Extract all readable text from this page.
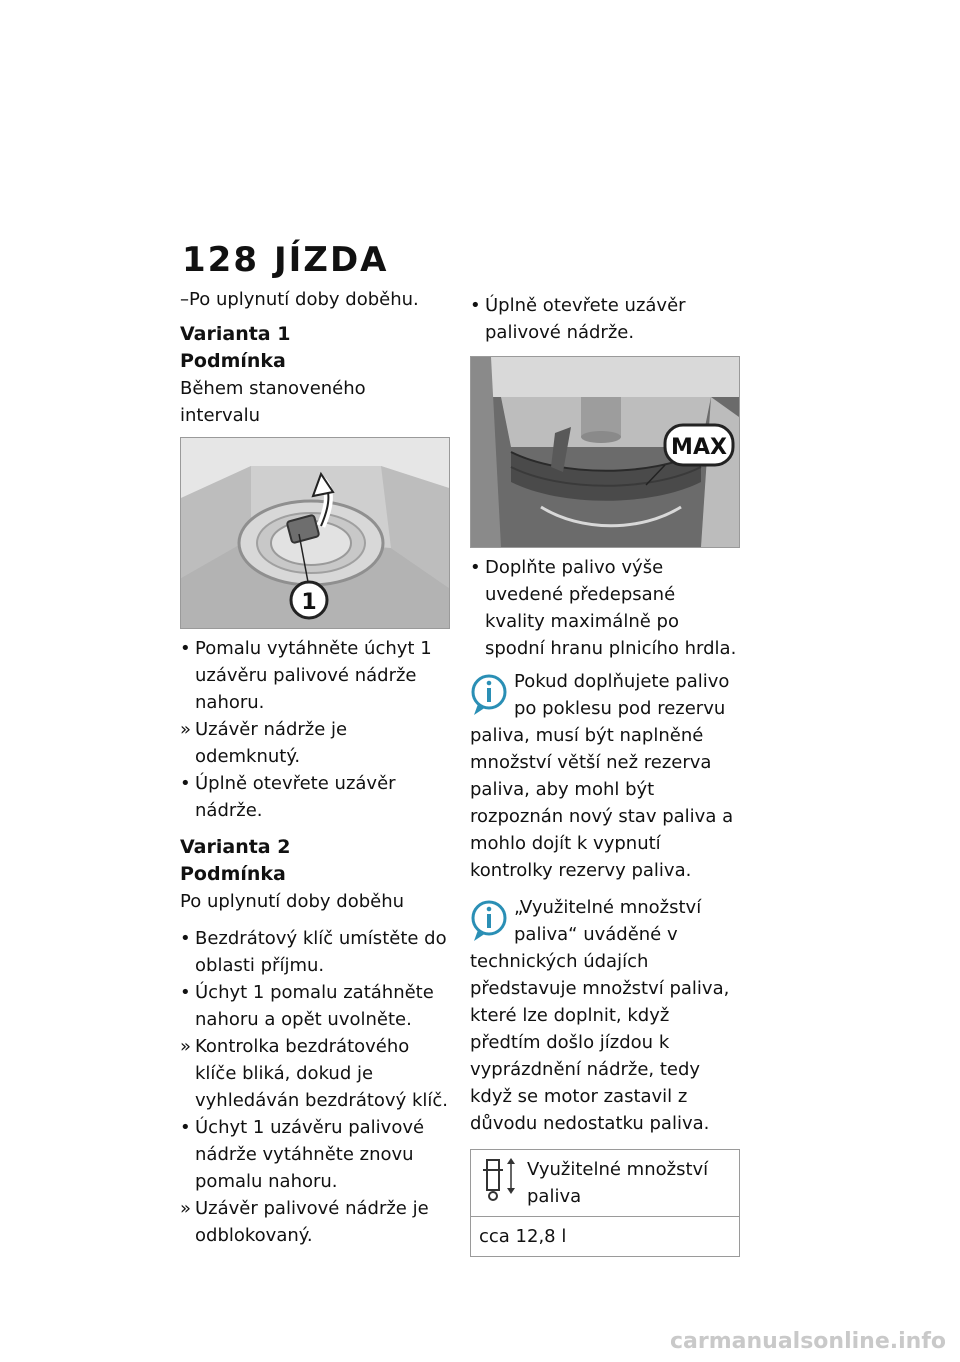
128 JÍZDA

–Po uplynutí doby doběhu.

Varianta 1

Podmínka

Během stanoveného intervalu

1
• Pomalu vytáhněte úchyt 1 uzávěru palivové nádrže nahoru.
» Uzávěr nádrže je odemknutý.
• Úplně otevřete uzávěr nádrže.

Varianta 2

Podmínka

Po uplynutí doby doběhu

• Bezdrátový klíč umístěte do oblasti příjmu.
• Úchyt 1 pomalu zatáhněte nahoru a opět uvolněte.
» Kontrolka bezdrátového klíče bliká, dokud je vyhledáván bezdrátový klíč.
• Úchyt 1 uzávěru palivové nádrže vytáhněte znovu pomalu nahoru.
» Uzávěr palivové nádrže je odblokovaný.
• Úplně otevřete uzávěr palivové nádrže.
MAX
• Doplňte palivo výše uvedené předepsané kvality maximálně po spodní hranu plnicího hrdla.
Pokud doplňujete palivo po poklesu pod rezervu paliva, musí být naplněné množství větší než rezerva paliva, aby mohl být rozpoznán nový stav paliva a mohlo dojít k vypnutí kontrolky rezervy paliva.
„Využitelné množství paliva“ uváděné v technických údajích představuje množství paliva, které lze doplnit, když předtím došlo jízdou k vyprázdnění nádrže, tedy když se motor zastavil z důvodu nedostatku paliva.
Využitelné množství paliva
cca 12,8 l
carmanualsonline.info
